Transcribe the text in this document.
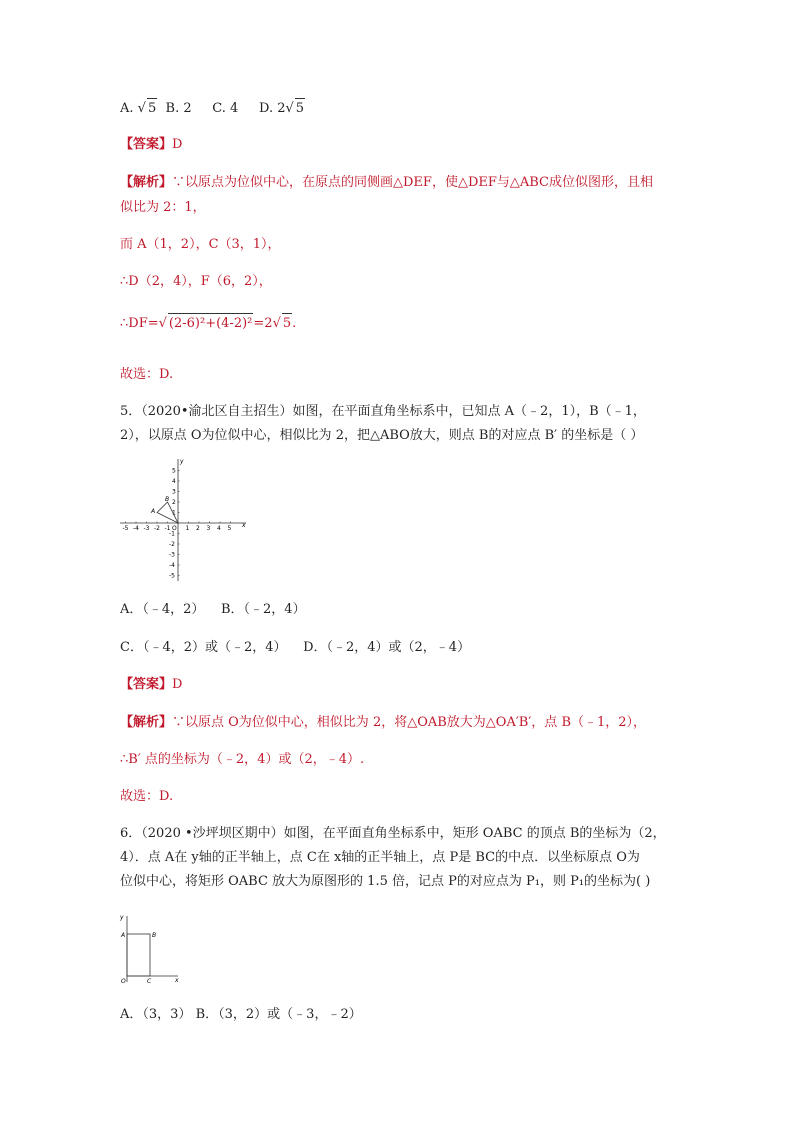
A. √ 5 B. 2 C. 4 D. 2√ 5
【答案】D
【解析】∵以原点为位似中心，在原点的同侧画△DEF，使△DEF与△ABC成位似图形，且相
似比为 2：1，
而 A（1，2），C（3，1），
∴D（2，4），F（6，2），
∴DF=√ (2-6)²+(4-2)²=2√ 5.
故选：D.
5．（2020•渝北区自主招生）如图，在平面直角坐标系中，已知点 A（﹣2，1），B（﹣1，
2），以原点 O为位似中心，相似比为 2，把△ABO放大，则点 B的对应点 B′ 的坐标是（ ）
x
y
O
-5 -4 -3 -2 -1	1 2 3 4 5
5
4
3
2
1
-1
-2
-3
-4
-5
A
B
A．（﹣4，2） B．（﹣2，4）
C．（﹣4，2）或（﹣2，4） D．（﹣2，4）或（2，﹣4）
【答案】D
【解析】∵以原点 O为位似中心，相似比为 2，将△OAB放大为△OA′B′，点 B（﹣1，2），
∴B′ 点的坐标为（﹣2，4）或（2，﹣4）.
故选：D.
6．（2020 •沙坪坝区期中）如图，在平面直角坐标系中，矩形 OABC 的顶点 B的坐标为（2，
4）．点 A在 y轴的正半轴上，点 C在 x轴的正半轴上，点 P是 BC的中点．以坐标原点 O为
位似中心，将矩形 OABC 放大为原图形的 1.5 倍，记点 P的对应点为 P₁，则 P₁的坐标为( )
y
x
O
A	B
C
A．（3，3） B．（3，2）或（﹣3，﹣2）
